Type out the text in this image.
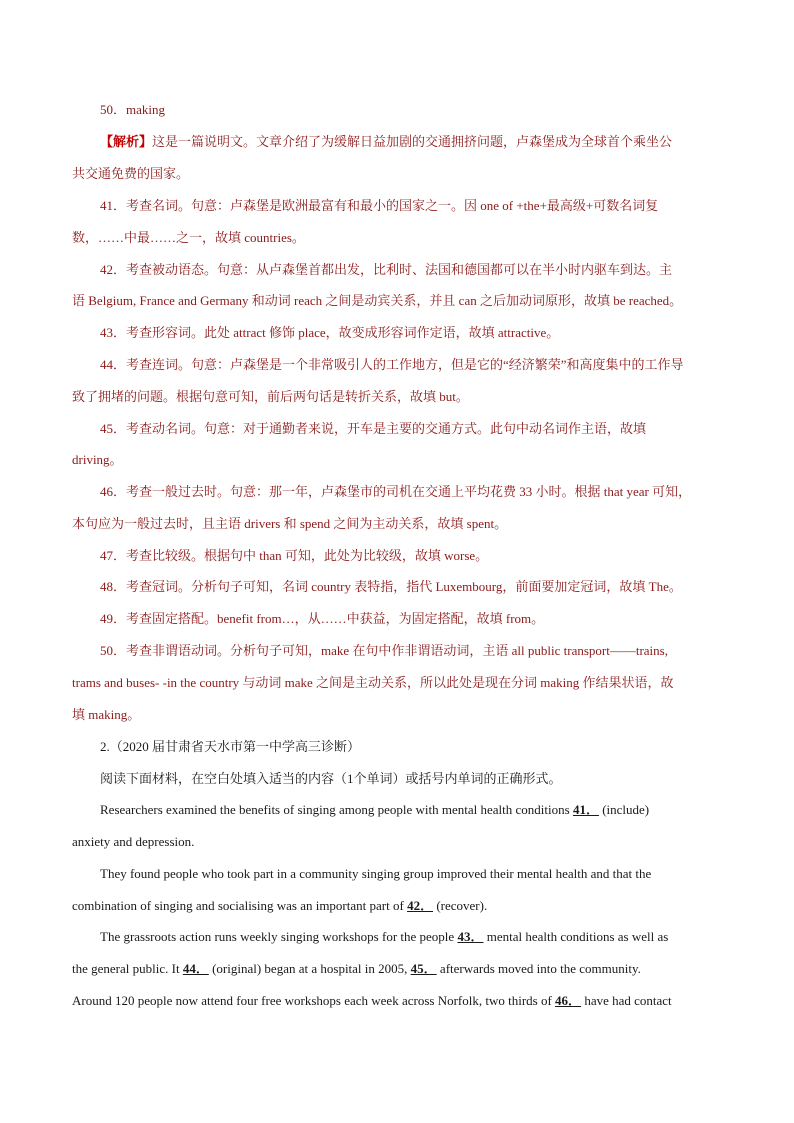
50．making
【解析】这是一篇说明文。文章介绍了为缓解日益加剧的交通拥挤问题，卢森堡成为全球首个乘坐公
共交通免费的国家。
41．考查名词。句意：卢森堡是欧洲最富有和最小的国家之一。因 one of +the+最高级+可数名词复
数，……中最……之一，故填 countries。
42．考查被动语态。句意：从卢森堡首都出发，比利时、法国和德国都可以在半小时内驱车到达。主
语 Belgium, France and Germany 和动词 reach 之间是动宾关系，并且 can 之后加动词原形，故填 be reached。
43．考查形容词。此处 attract 修饰 place，故变成形容词作定语，故填 attractive。
44．考查连词。句意：卢森堡是一个非常吸引人的工作地方，但是它的“经济繁荣”和高度集中的工作导
致了拥堵的问题。根据句意可知，前后两句话是转折关系，故填 but。
45．考查动名词。句意：对于通勤者来说，开车是主要的交通方式。此句中动名词作主语，故填
driving。
46．考查一般过去时。句意：那一年，卢森堡市的司机在交通上平均花费 33 小时。根据 that year 可知，
本句应为一般过去时，且主语 drivers 和 spend 之间为主动关系，故填 spent。
47．考查比较级。根据句中 than 可知，此处为比较级，故填 worse。
48．考查冠词。分析句子可知，名词 country 表特指，指代 Luxembourg，前面要加定冠词，故填 The。
49．考查固定搭配。benefit from…，从……中获益，为固定搭配，故填 from。
50．考查非谓语动词。分析句子可知，make 在句中作非谓语动词，主语 all public transport——trains,
trams and buses- -in the country 与动词 make 之间是主动关系，所以此处是现在分词 making 作结果状语，故
填 making。
2.（2020 届甘肃省天水市第一中学高三诊断）
阅读下面材料，在空白处填入适当的内容（1个单词）或括号内单词的正确形式。
Researchers examined the benefits of singing among people with mental health conditions 41． (include)
anxiety and depression.
They found people who took part in a community singing group improved their mental health and that the
combination of singing and socialising was an important part of 42． (recover).
The grassroots action runs weekly singing workshops for the people 43． mental health conditions as well as
the general public. It 44． (original) began at a hospital in 2005, 45． afterwards moved into the community.
Around 120 people now attend four free workshops each week across Norfolk, two thirds of 46． have had contact
